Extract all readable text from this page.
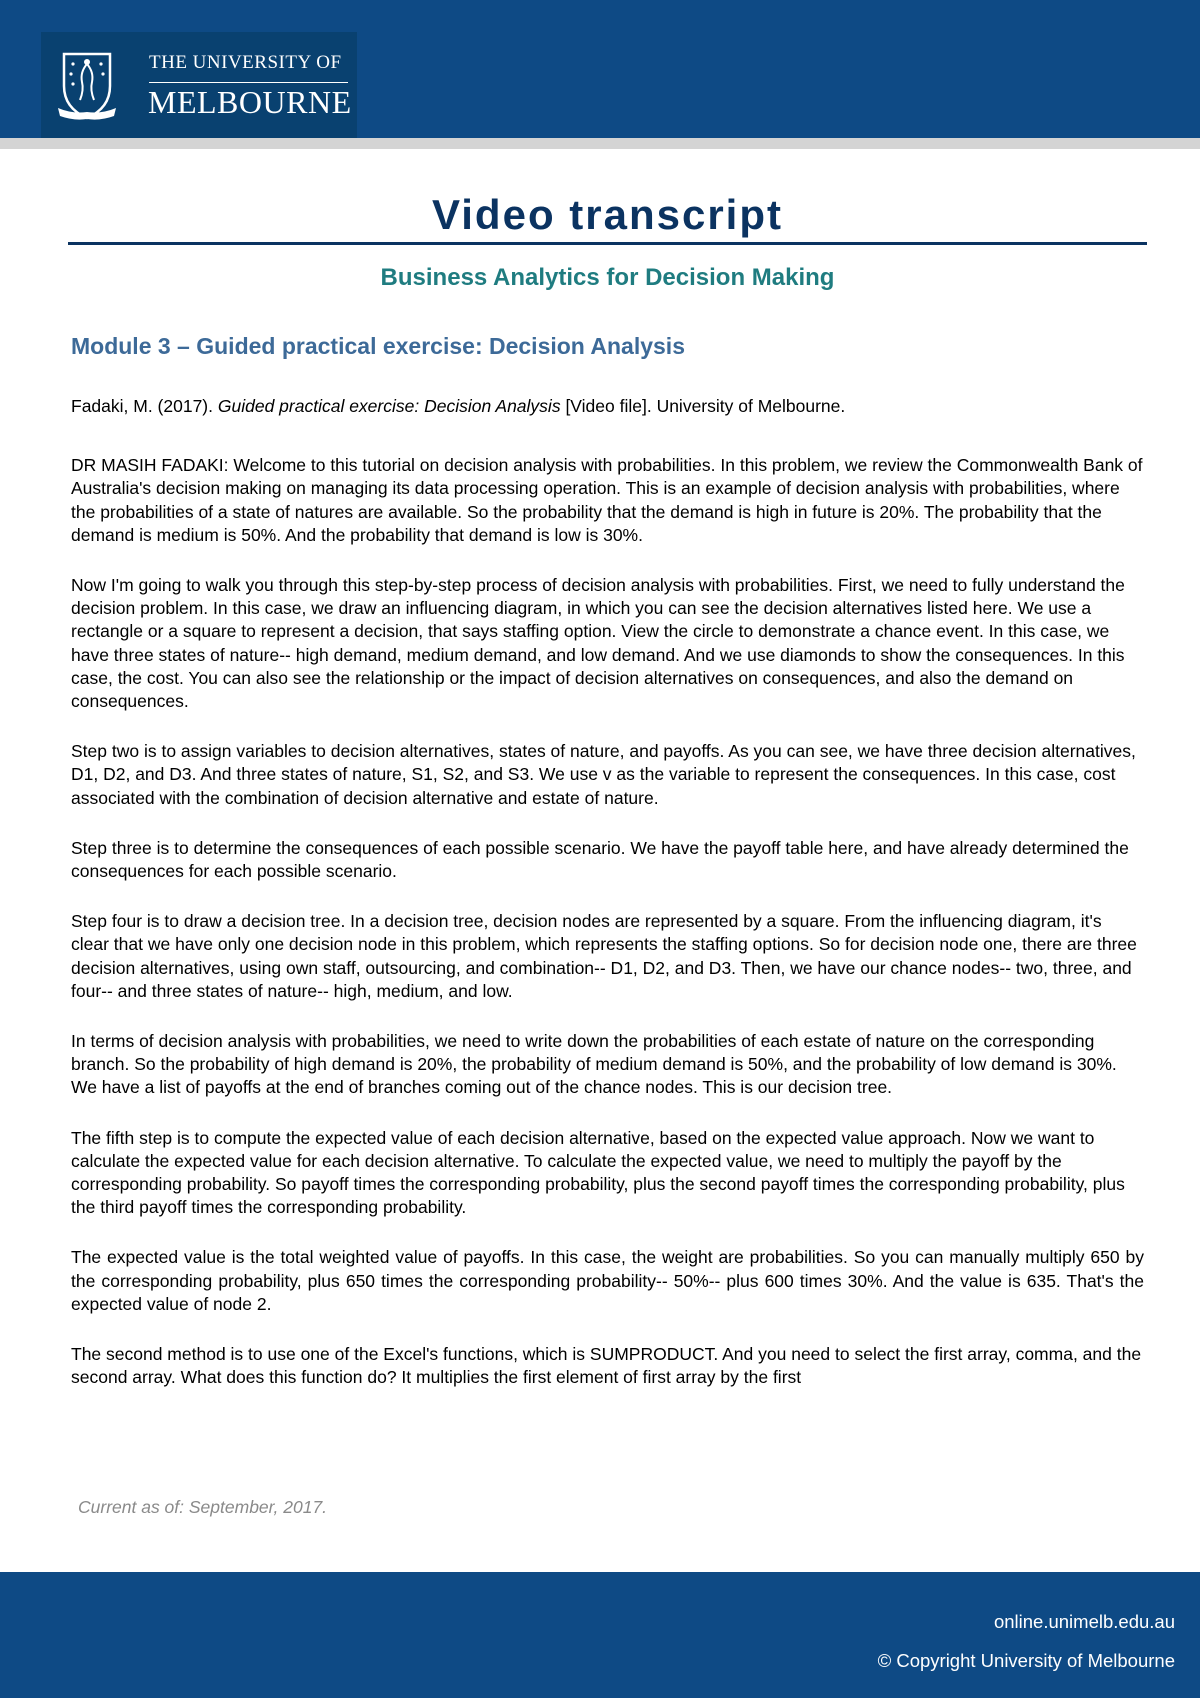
THE UNIVERSITY OF
MELBOURNE
Video transcript
Business Analytics for Decision Making
Module 3 – Guided practical exercise: Decision Analysis

Fadaki, M. (2017). Guided practical exercise: Decision Analysis [Video file]. University of Melbourne.

DR MASIH FADAKI: Welcome to this tutorial on decision analysis with probabilities. In this problem, we review the Commonwealth Bank of Australia's decision making on managing its data processing operation. This is an example of decision analysis with probabilities, where the probabilities of a state of natures are available. So the probability that the demand is high in future is 20%. The probability that the demand is medium is 50%. And the probability that demand is low is 30%.

Now I'm going to walk you through this step-by-step process of decision analysis with probabilities. First, we need to fully understand the decision problem. In this case, we draw an influencing diagram, in which you can see the decision alternatives listed here. We use a rectangle or a square to represent a decision, that says staffing option. View the circle to demonstrate a chance event. In this case, we have three states of nature-- high demand, medium demand, and low demand. And we use diamonds to show the consequences. In this case, the cost. You can also see the relationship or the impact of decision alternatives on consequences, and also the demand on consequences.

Step two is to assign variables to decision alternatives, states of nature, and payoffs. As you can see, we have three decision alternatives, D1, D2, and D3. And three states of nature, S1, S2, and S3. We use v as the variable to represent the consequences. In this case, cost associated with the combination of decision alternative and estate of nature.

Step three is to determine the consequences of each possible scenario. We have the payoff table here, and have already determined the consequences for each possible scenario.

Step four is to draw a decision tree. In a decision tree, decision nodes are represented by a square. From the influencing diagram, it's clear that we have only one decision node in this problem, which represents the staffing options. So for decision node one, there are three decision alternatives, using own staff, outsourcing, and combination-- D1, D2, and D3. Then, we have our chance nodes-- two, three, and four-- and three states of nature-- high, medium, and low.

In terms of decision analysis with probabilities, we need to write down the probabilities of each estate of nature on the corresponding branch. So the probability of high demand is 20%, the probability of medium demand is 50%, and the probability of low demand is 30%. We have a list of payoffs at the end of branches coming out of the chance nodes. This is our decision tree.

The fifth step is to compute the expected value of each decision alternative, based on the expected value approach. Now we want to calculate the expected value for each decision alternative. To calculate the expected value, we need to multiply the payoff by the corresponding probability. So payoff times the corresponding probability, plus the second payoff times the corresponding probability, plus the third payoff times the corresponding probability.

The expected value is the total weighted value of payoffs. In this case, the weight are probabilities. So you can manually multiply 650 by the corresponding probability, plus 650 times the corresponding probability-- 50%-- plus 600 times 30%. And the value is 635. That's the expected value of node 2.

The second method is to use one of the Excel's functions, which is SUMPRODUCT. And you need to select the first array, comma, and the second array. What does this function do? It multiplies the first element of first array by the first

Current as of: September, 2017.
online.unimelb.edu.au
© Copyright University of Melbourne
